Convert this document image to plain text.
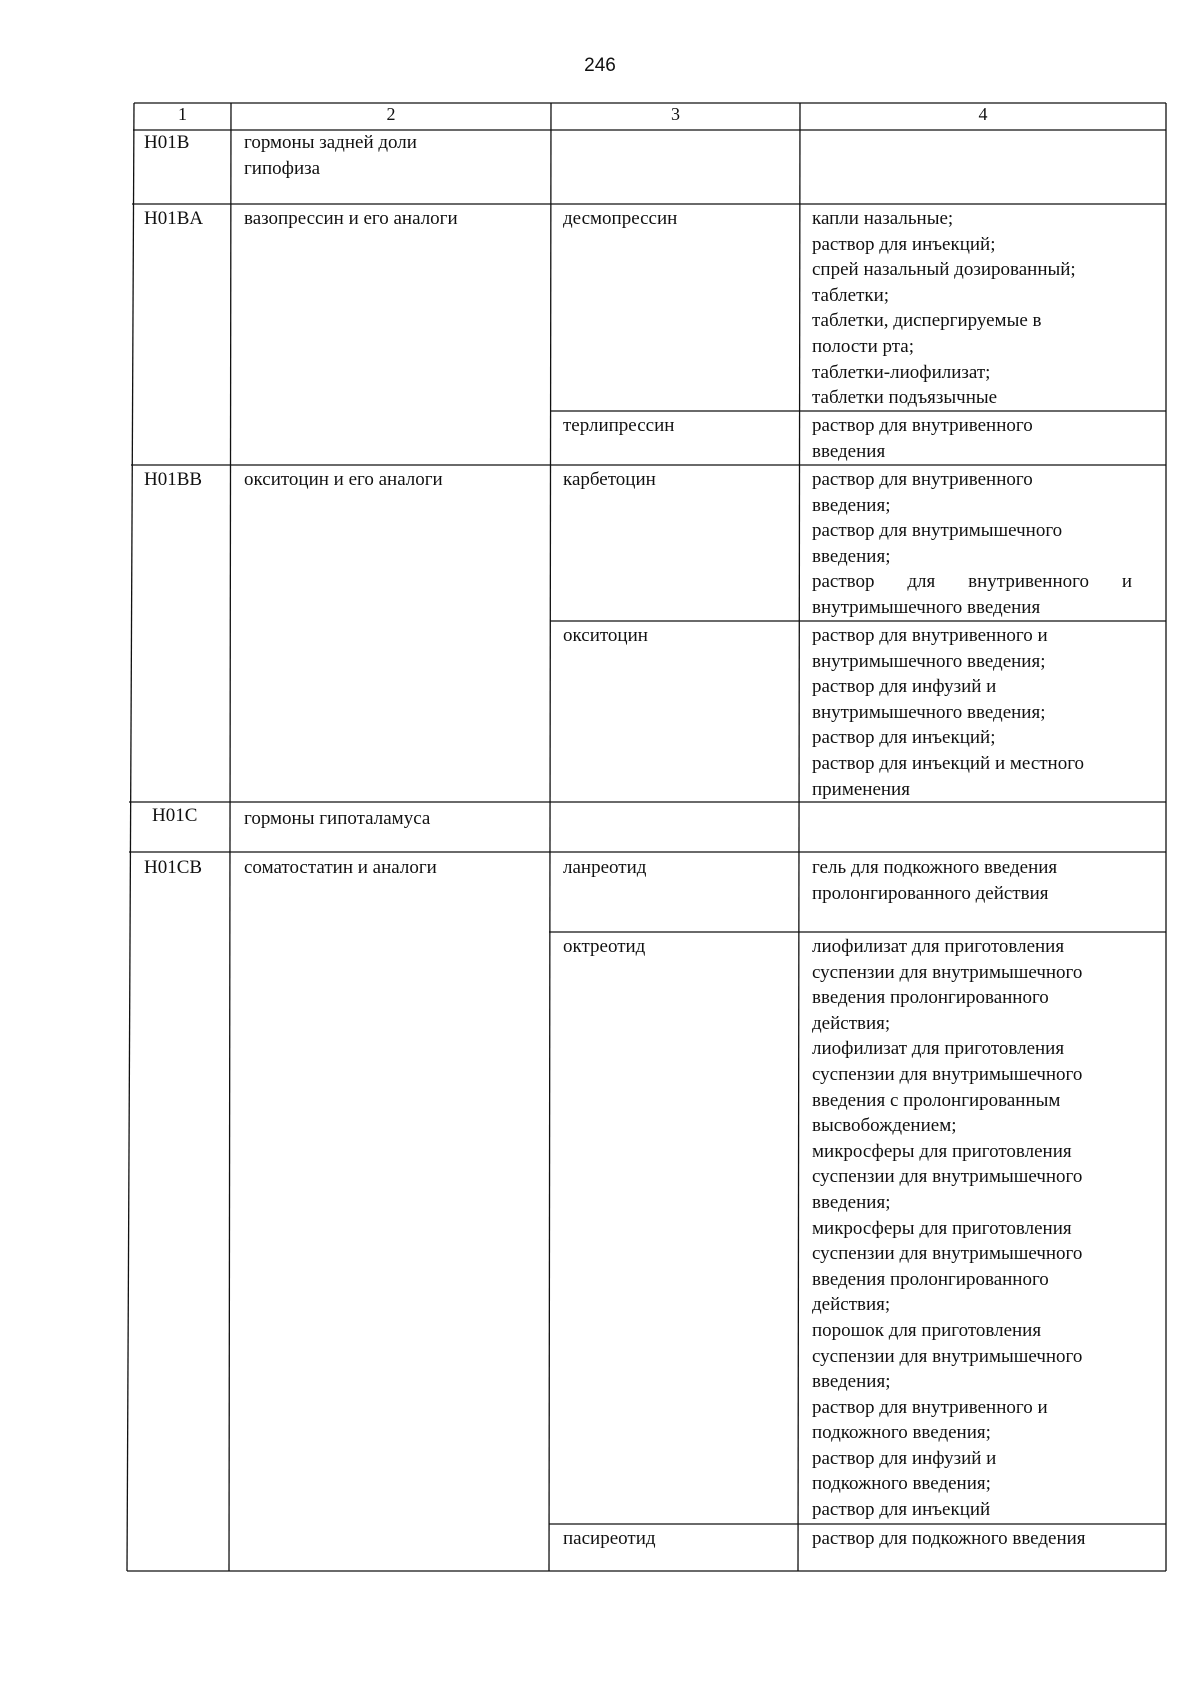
246
1	2	3	4
H01B	гормоны задней доли
гипофиза
H01BA вазопрессин и его аналоги	десмопрессин	капли назальные;
раствор для инъекций;
спрей назальный дозированный;
таблетки;
таблетки, диспергируемые в
полости рта;
таблетки-лиофилизат;
таблетки подъязычные
терлипрессин	раствор для внутривенного
введения
H01BB окситоцин и его аналоги	карбетоцин	раствор для внутривенного
введения;
раствор для внутримышечного
введения;
раствор для внутривенного и
внутримышечного введения
окситоцин	раствор для внутривенного и
внутримышечного введения;
раствор для инфузий и
внутримышечного введения;
раствор для инъекций;
раствор для инъекций и местного
применения
H01C гормоны гипоталамуса
H01CB соматостатин и аналоги	ланреотид	гель для подкожного введения
пролонгированного действия
октреотид	лиофилизат для приготовления
суспензии для внутримышечного
введения пролонгированного
действия;
лиофилизат для приготовления
суспензии для внутримышечного
введения с пролонгированным
высвобождением;
микросферы для приготовления
суспензии для внутримышечного
введения;
микросферы для приготовления
суспензии для внутримышечного
введения пролонгированного
действия;
порошок для приготовления
суспензии для внутримышечного
введения;
раствор для внутривенного и
подкожного введения;
раствор для инфузий и
подкожного введения;
раствор для инъекций
пасиреотид	раствор для подкожного введения
